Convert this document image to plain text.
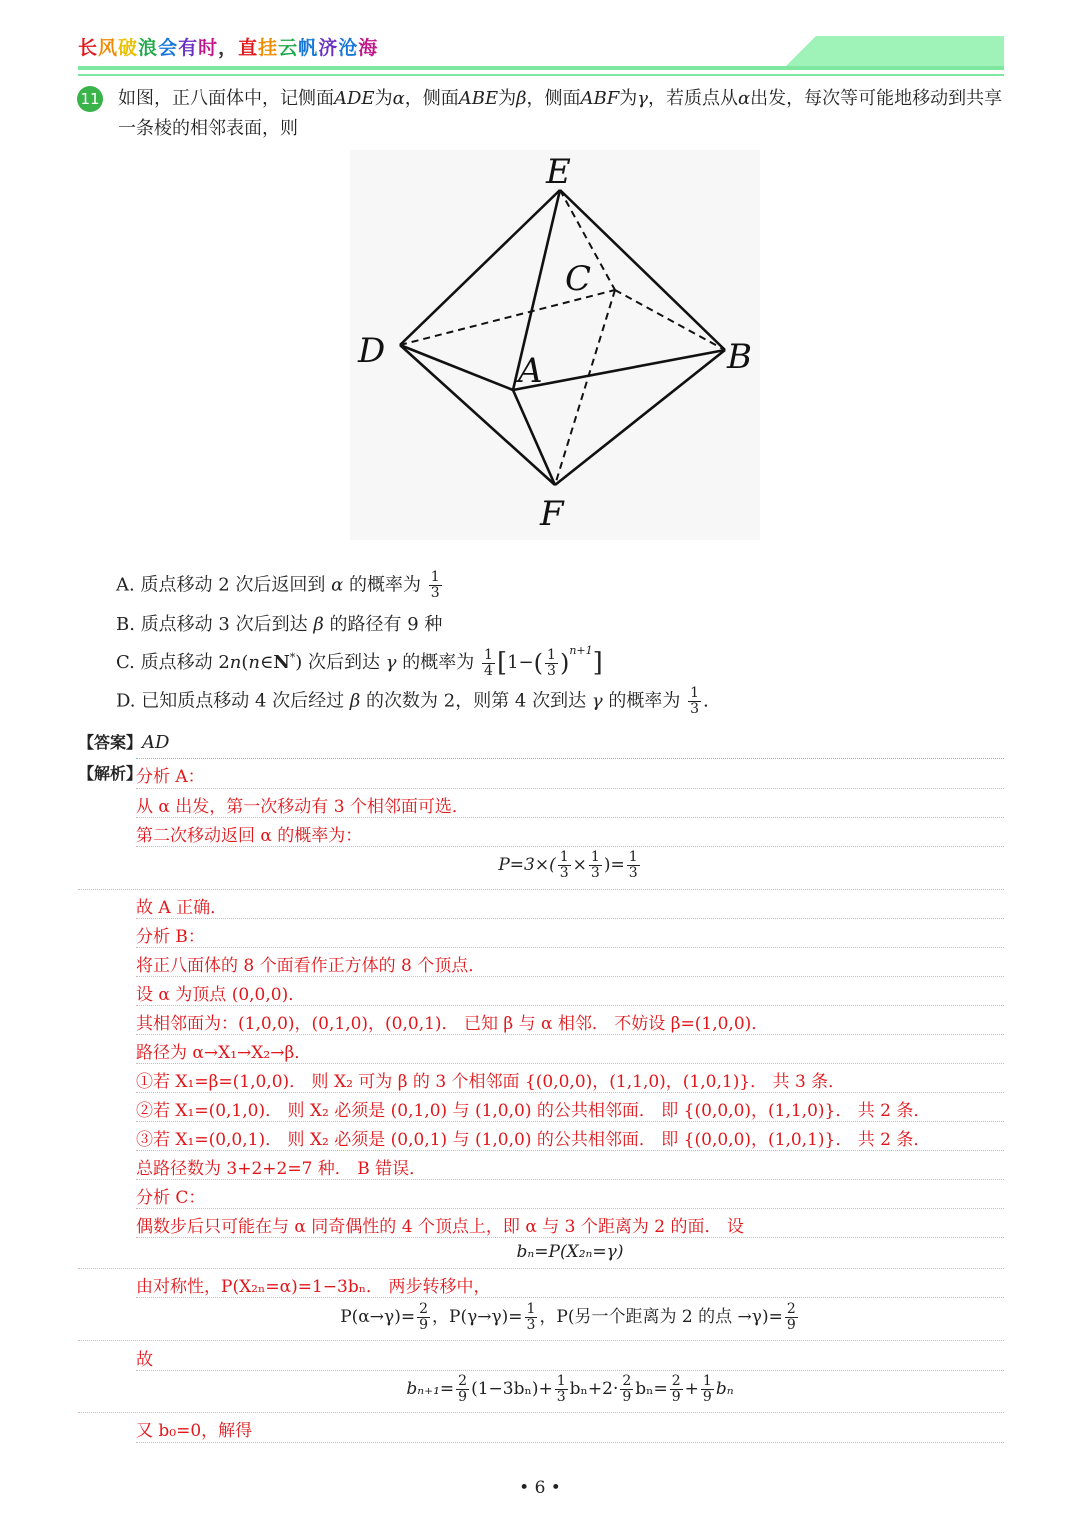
长风破浪会有时，直挂云帆济沧海
11 如图，正八面体中，记侧面ADE为α，侧面ABE为β，侧面ABF为γ，若质点从α出发，每次等可能地移动到共享一条棱的相邻表面，则
E
C
D	B
A
F
A. 质点移动 2 次后返回到 α 的概率为 $\frac{1}{3}$
B. 质点移动 3 次后到达 β 的路径有 9 种
C. 质点移动 2n(n∈N*) 次后到达 γ 的概率为 $\frac{1}{4} [1-( \frac{1}{3} )^{n+1}]$
D. 已知质点移动 4 次后经过 β 的次数为 2，则第 4 次到达 γ 的概率为 $\frac{1}{3}$ .
【答案】AD
【解析】
分析 A：
从 α 出发，第一次移动有 3 个相邻面可选．
第二次移动返回 α 的概率为：
$P=3\times( \frac{1}{3} \times \frac{1}{3}$ )= $\frac{1}{3}$
故 A 正确．
分析 B：
将正八面体的 8 个面看作正方体的 8 个顶点．
设 α 为顶点 (0,0,0)．
其相邻面为：(1,0,0)，(0,1,0)，(0,0,1)． 已知 β 与 α 相邻． 不妨设 β=(1,0,0)．
路径为 α→X₁→X₂→β．
①若 X₁=β=(1,0,0)． 则 X₂ 可为 β 的 3 个相邻面 {(0,0,0)，(1,1,0)，(1,0,1)}． 共 3 条．
②若 X₁=(0,1,0)． 则 X₂ 必须是 (0,1,0) 与 (1,0,0) 的公共相邻面． 即 {(0,0,0)，(1,1,0)}． 共 2 条．
③若 X₁=(0,0,1)． 则 X₂ 必须是 (0,0,1) 与 (1,0,0) 的公共相邻面． 即 {(0,0,0)，(1,0,1)}． 共 2 条．
总路径数为 3+2+2=7 种． B 错误．
分析 C：
偶数步后只可能在与 α 同奇偶性的 4 个顶点上，即 α 与 3 个距离为 2 的面． 设
bₙ=P(X₂ₙ=γ)
由对称性，P(X₂ₙ=α)=1−3bₙ． 两步转移中，
$P(\alpha\to\gamma)= \frac{2}{9}$ ，$P(\gamma\to\gamma)= \frac{1}{3}$ ，P(另一个距离为 2 的点 $\to\gamma)= \frac{2}{9}$
故
$b_{n+1}= \frac{2}{9} (1-3b_n)+ \frac{1}{3} b_n+2\cdot \frac{2}{9} b_n= \frac{2}{9} + \frac{1}{9}$ bₙ
又 b₀=0，解得
• 6 •
